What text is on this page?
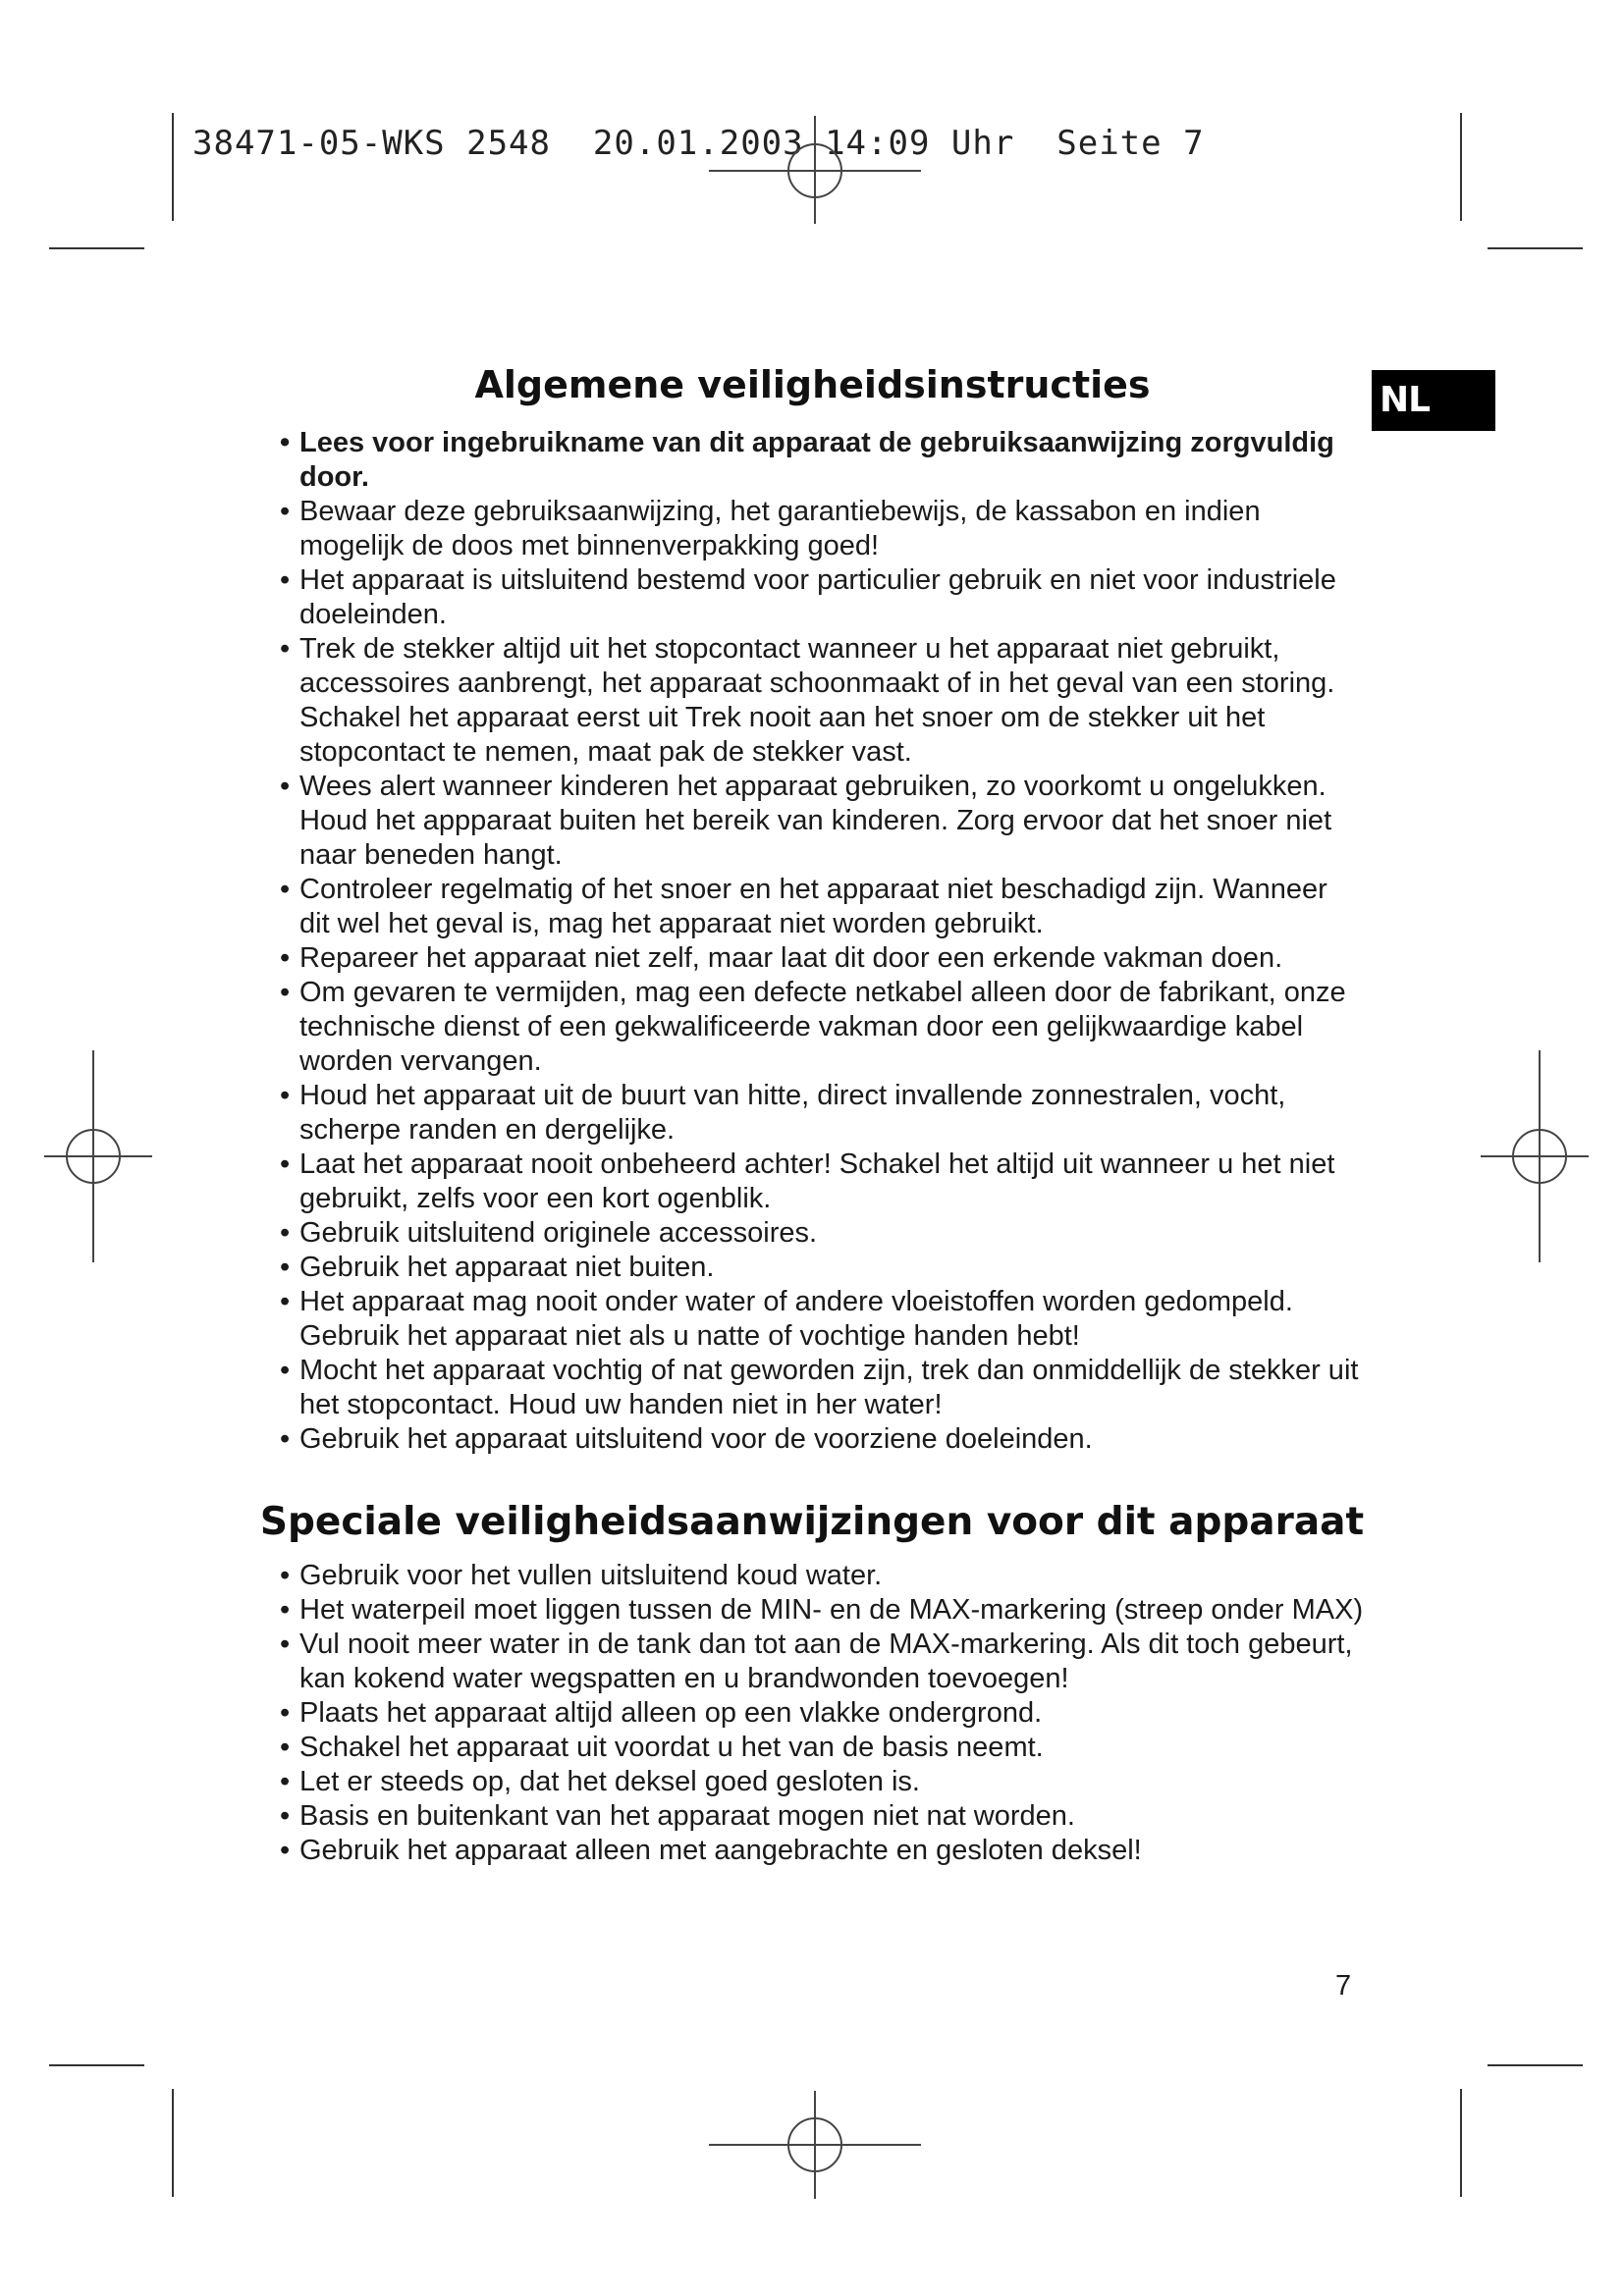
38471-05-WKS 2548  20.01.2003 14:09 Uhr  Seite 7
NL
Algemene veiligheidsinstructies
• Lees voor ingebruikname van dit apparaat de gebruiksaanwijzing zorgvuldig door.
• Bewaar deze gebruiksaanwijzing, het garantiebewijs, de kassabon en indien mogelijk de doos met binnenverpakking goed!
• Het apparaat is uitsluitend bestemd voor particulier gebruik en niet voor industriele doeleinden.
• Trek de stekker altijd uit het stopcontact wanneer u het apparaat niet gebruikt, accessoires aanbrengt, het apparaat schoonmaakt of in het geval van een storing. Schakel het apparaat eerst uit Trek nooit aan het snoer om de stekker uit het stopcontact te nemen, maat pak de stekker vast.
• Wees alert wanneer kinderen het apparaat gebruiken, zo voorkomt u ongelukken. Houd het appparaat buiten het bereik van kinderen. Zorg ervoor dat het snoer niet naar beneden hangt.
• Controleer regelmatig of het snoer en het apparaat niet beschadigd zijn. Wanneer dit wel het geval is, mag het apparaat niet worden gebruikt.
• Repareer het apparaat niet zelf, maar laat dit door een erkende vakman doen.
• Om gevaren te vermijden, mag een defecte netkabel alleen door de fabrikant, onze technische dienst of een gekwalificeerde vakman door een gelijkwaardige kabel worden vervangen.
• Houd het apparaat uit de buurt van hitte, direct invallende zonnestralen, vocht, scherpe randen en dergelijke.
• Laat het apparaat nooit onbeheerd achter! Schakel het altijd uit wanneer u het niet gebruikt, zelfs voor een kort ogenblik.
• Gebruik uitsluitend originele accessoires.
• Gebruik het apparaat niet buiten.
• Het apparaat mag nooit onder water of andere vloeistoffen worden gedompeld. Gebruik het apparaat niet als u natte of vochtige handen hebt!
• Mocht het apparaat vochtig of nat geworden zijn, trek dan onmiddellijk de stekker uit het stopcontact. Houd uw handen niet in her water!
• Gebruik het apparaat uitsluitend voor de voorziene doeleinden.
Speciale veiligheidsaanwijzingen voor dit apparaat
• Gebruik voor het vullen uitsluitend koud water.
• Het waterpeil moet liggen tussen de MIN- en de MAX-markering (streep onder MAX)
• Vul nooit meer water in de tank dan tot aan de MAX-markering. Als dit toch gebeurt, kan kokend water wegspatten en u brandwonden toevoegen!
• Plaats het apparaat altijd alleen op een vlakke ondergrond.
• Schakel het apparaat uit voordat u het van de basis neemt.
• Let er steeds op, dat het deksel goed gesloten is.
• Basis en buitenkant van het apparaat mogen niet nat worden.
• Gebruik het apparaat alleen met aangebrachte en gesloten deksel!
7
